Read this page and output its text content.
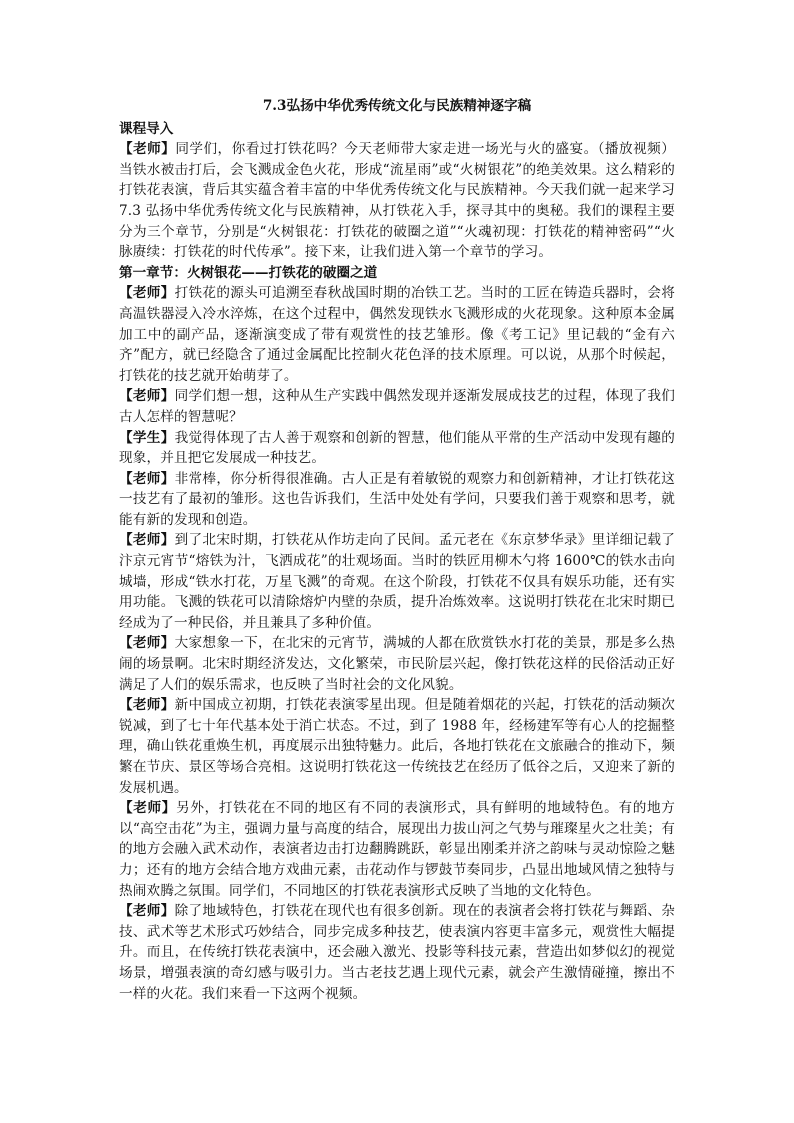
7.3弘扬中华优秀传统文化与民族精神逐字稿
课程导入

【老师】同学们，你看过打铁花吗？今天老师带大家走进一场光与火的盛宴。（播放视频）当铁水被击打后，会飞溅成金色火花，形成“流星雨”或“火树银花”的绝美效果。这么精彩的打铁花表演，背后其实蕴含着丰富的中华优秀传统文化与民族精神。今天我们就一起来学习 7.3 弘扬中华优秀传统文化与民族精神，从打铁花入手，探寻其中的奥秘。我们的课程主要分为三个章节，分别是“火树银花：打铁花的破圈之道”“火魂初现：打铁花的精神密码”“火脉赓续：打铁花的时代传承”。接下来，让我们进入第一个章节的学习。

第一章节：火树银花——打铁花的破圈之道

【老师】打铁花的源头可追溯至春秋战国时期的冶铁工艺。当时的工匠在铸造兵器时，会将高温铁器浸入冷水淬炼，在这个过程中，偶然发现铁水飞溅形成的火花现象。这种原本金属加工中的副产品，逐渐演变成了带有观赏性的技艺雏形。像《考工记》里记载的“金有六齐”配方，就已经隐含了通过金属配比控制火花色泽的技术原理。可以说，从那个时候起，打铁花的技艺就开始萌芽了。

【老师】同学们想一想，这种从生产实践中偶然发现并逐渐发展成技艺的过程，体现了我们古人怎样的智慧呢？

【学生】我觉得体现了古人善于观察和创新的智慧，他们能从平常的生产活动中发现有趣的现象，并且把它发展成一种技艺。

【老师】非常棒，你分析得很准确。古人正是有着敏锐的观察力和创新精神，才让打铁花这一技艺有了最初的雏形。这也告诉我们，生活中处处有学问，只要我们善于观察和思考，就能有新的发现和创造。

【老师】到了北宋时期，打铁花从作坊走向了民间。孟元老在《东京梦华录》里详细记载了汴京元宵节“熔铁为汁，飞洒成花”的壮观场面。当时的铁匠用柳木勺将 1600℃的铁水击向城墙，形成“铁水打花，万星飞溅”的奇观。在这个阶段，打铁花不仅具有娱乐功能，还有实用功能。飞溅的铁花可以清除熔炉内壁的杂质，提升冶炼效率。这说明打铁花在北宋时期已经成为了一种民俗，并且兼具了多种价值。

【老师】大家想象一下，在北宋的元宵节，满城的人都在欣赏铁水打花的美景，那是多么热闹的场景啊。北宋时期经济发达，文化繁荣，市民阶层兴起，像打铁花这样的民俗活动正好满足了人们的娱乐需求，也反映了当时社会的文化风貌。

【老师】新中国成立初期，打铁花表演零星出现。但是随着烟花的兴起，打铁花的活动频次锐减，到了七十年代基本处于消亡状态。不过，到了 1988 年，经杨建军等有心人的挖掘整理，确山铁花重焕生机，再度展示出独特魅力。此后，各地打铁花在文旅融合的推动下，频繁在节庆、景区等场合亮相。这说明打铁花这一传统技艺在经历了低谷之后，又迎来了新的发展机遇。

【老师】另外，打铁花在不同的地区有不同的表演形式，具有鲜明的地域特色。有的地方以“高空击花”为主，强调力量与高度的结合，展现出力拔山河之气势与璀璨星火之壮美；有的地方会融入武术动作，表演者边击打边翻腾跳跃，彰显出刚柔并济之韵味与灵动惊险之魅力；还有的地方会结合地方戏曲元素，击花动作与锣鼓节奏同步，凸显出地域风情之独特与热闹欢腾之氛围。同学们，不同地区的打铁花表演形式反映了当地的文化特色。

【老师】除了地域特色，打铁花在现代也有很多创新。现在的表演者会将打铁花与舞蹈、杂技、武术等艺术形式巧妙结合，同步完成多种技艺，使表演内容更丰富多元，观赏性大幅提升。而且，在传统打铁花表演中，还会融入激光、投影等科技元素，营造出如梦似幻的视觉场景，增强表演的奇幻感与吸引力。当古老技艺遇上现代元素，就会产生激情碰撞，擦出不一样的火花。我们来看一下这两个视频。
